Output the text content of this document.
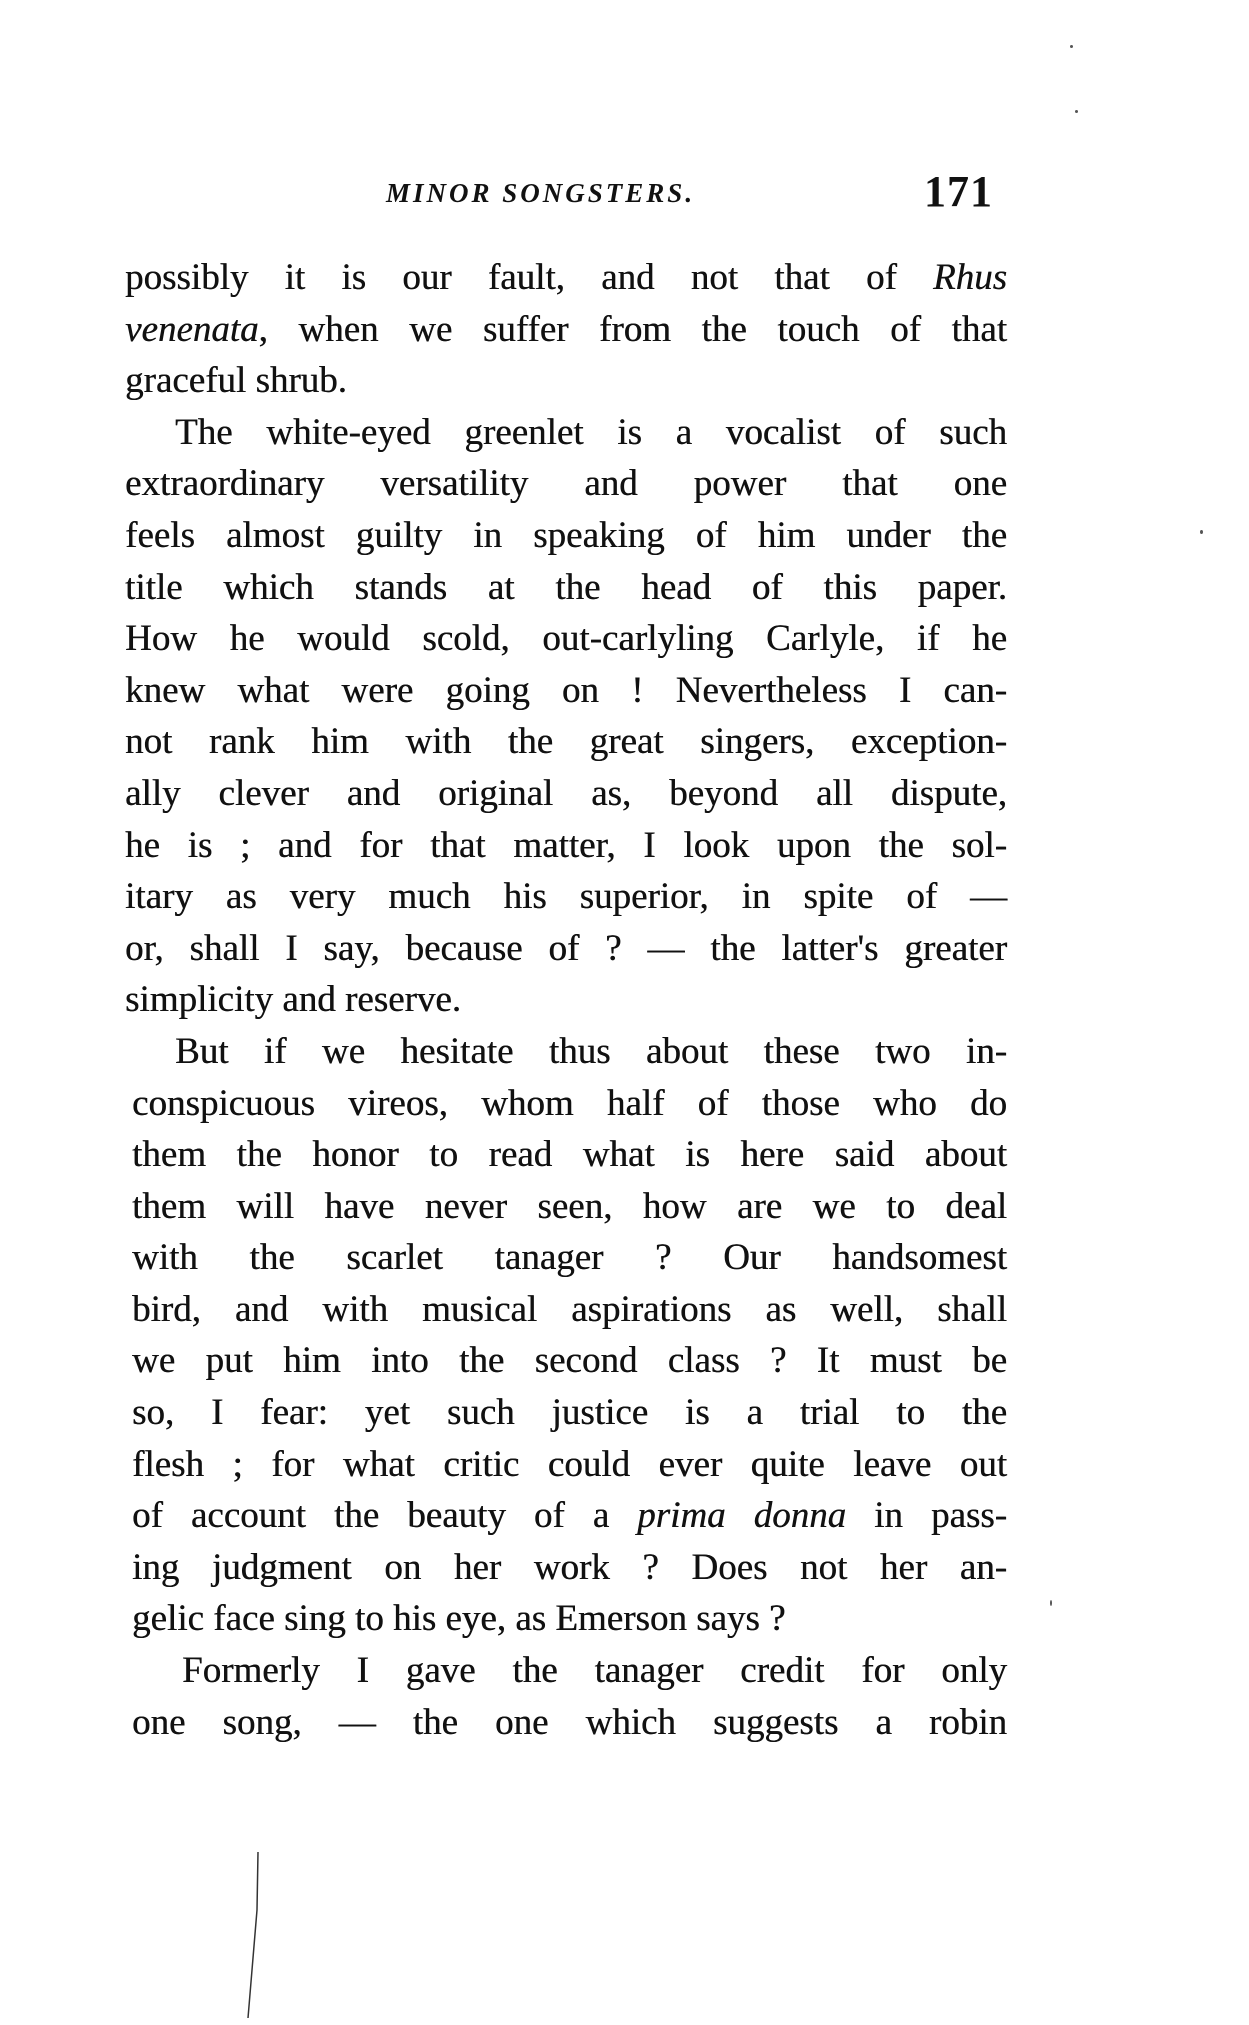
MINOR SONGSTERS.	171
possibly it is our fault, and not that of Rhus
venenata, when we suffer from the touch of that
graceful shrub.
The white-eyed greenlet is a vocalist of such
extraordinary versatility and power that one
feels almost guilty in speaking of him under the
title which stands at the head of this paper.
How he would scold, out-carlyling Carlyle, if he
knew what were going on ! Nevertheless I can-
not rank him with the great singers, exception-
ally clever and original as, beyond all dispute,
he is ; and for that matter, I look upon the sol-
itary as very much his superior, in spite of —
or, shall I say, because of ? — the latter's greater
simplicity and reserve.
But if we hesitate thus about these two in-
conspicuous vireos, whom half of those who do
them the honor to read what is here said about
them will have never seen, how are we to deal
with the scarlet tanager ? Our handsomest
bird, and with musical aspirations as well, shall
we put him into the second class ? It must be
so, I fear: yet such justice is a trial to the
flesh ; for what critic could ever quite leave out
of account the beauty of a prima donna in pass-
ing judgment on her work ? Does not her an-
gelic face sing to his eye, as Emerson says ?
Formerly I gave the tanager credit for only
one song, — the one which suggests a robin
